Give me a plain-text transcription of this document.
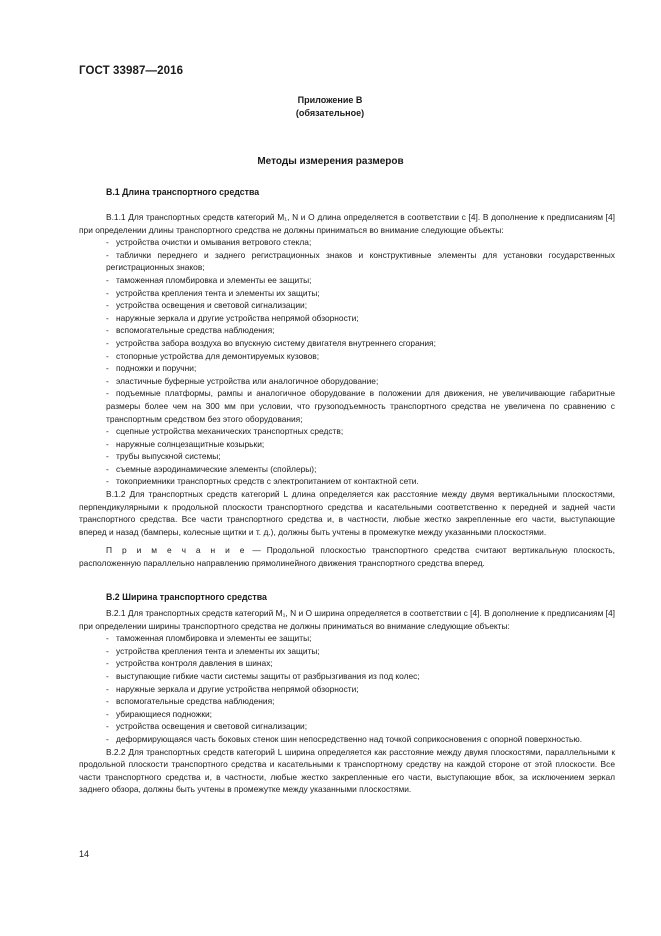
ГОСТ 33987—2016
Приложение В
(обязательное)
Методы измерения размеров
В.1 Длина транспортного средства

В.1.1 Для транспортных средств категорий М₁, N и O длина определяется в соответствии с [4]. В дополнение к предписаниям [4] при определении длины транспортного средства не должны приниматься во внимание следующие объекты:

- устройства очистки и омывания ветрового стекла;

- таблички переднего и заднего регистрационных знаков и конструктивные элементы для установки государственных регистрационных знаков;

- таможенная пломбировка и элементы ее защиты;

- устройства крепления тента и элементы их защиты;

- устройства освещения и световой сигнализации;

- наружные зеркала и другие устройства непрямой обзорности;

- вспомогательные средства наблюдения;

- устройства забора воздуха во впускную систему двигателя внутреннего сгорания;

- стопорные устройства для демонтируемых кузовов;

- подножки и поручни;

- эластичные буферные устройства или аналогичное оборудование;

- подъемные платформы, рампы и аналогичное оборудование в положении для движения, не увеличивающие габаритные размеры более чем на 300 мм при условии, что грузоподъемность транспортного средства не увеличена по сравнению с транспортным средством без этого оборудования;

- сцепные устройства механических транспортных средств;

- наружные солнцезащитные козырьки;

- трубы выпускной системы;

- съемные аэродинамические элементы (спойлеры);

- токоприемники транспортных средств с электропитанием от контактной сети.

В.1.2 Для транспортных средств категорий L длина определяется как расстояние между двумя вертикальными плоскостями, перпендикулярными к продольной плоскости транспортного средства и касательными соответственно к передней и задней части транспортного средства. Все части транспортного средства и, в частности, любые жестко закрепленные его части, выступающие вперед и назад (бамперы, колесные щитки и т. д.), должны быть учтены в промежутке между указанными плоскостями.

П р и м е ч а н и е — Продольной плоскостью транспортного средства считают вертикальную плоскость, расположенную параллельно направлению прямолинейного движения транспортного средства вперед.

В.2 Ширина транспортного средства

В.2.1 Для транспортных средств категорий М₁, N и O ширина определяется в соответствии с [4]. В дополнение к предписаниям [4] при определении ширины транспортного средства не должны приниматься во внимание следующие объекты:

- таможенная пломбировка и элементы ее защиты;

- устройства крепления тента и элементы их защиты;

- устройства контроля давления в шинах;

- выступающие гибкие части системы защиты от разбрызгивания из под колес;

- наружные зеркала и другие устройства непрямой обзорности;

- вспомогательные средства наблюдения;

- убирающиеся подножки;

- устройства освещения и световой сигнализации;

- деформирующаяся часть боковых стенок шин непосредственно над точкой соприкосновения с опорной поверхностью.

В.2.2 Для транспортных средств категорий L ширина определяется как расстояние между двумя плоскостями, параллельными к продольной плоскости транспортного средства и касательными к транспортному средству на каждой стороне от этой плоскости. Все части транспортного средства и, в частности, любые жестко закрепленные его части, выступающие вбок, за исключением зеркал заднего обзора, должны быть учтены в промежутке между указанными плоскостями.

14
